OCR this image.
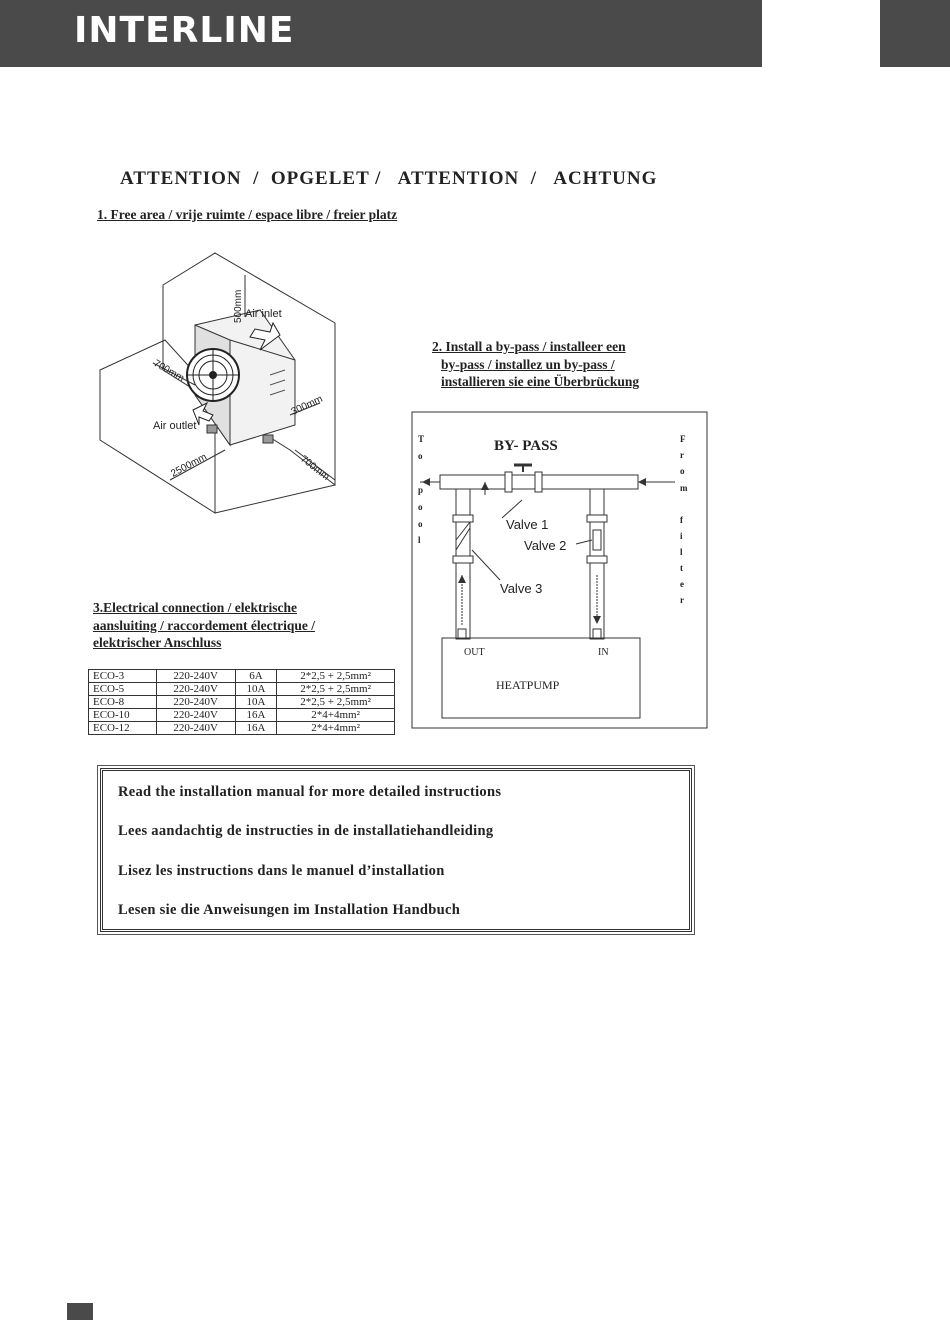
INTERLINE
ATTENTION  /  OPGELET /   ATTENTION  /   ACHTUNG
1. Free area / vrije ruimte / espace libre / freier platz
Air inlet
Air outlet
500mm
700mm
300mm
2500mm	700mm
2. Install a by-pass / installeer een
by-pass / installez un by-pass /
installieren sie eine Überbrückung
BY- PASS
T
o
p
o
o
l
F
r
o
m
f
i
l
t
e
r
Valve 1
Valve 2
Valve 3
OUT	IN
HEATPUMP
3.Electrical connection / elektrische
aansluiting / raccordement électrique /
elektrischer Anschluss
ECO-3	220-240V	6A	2*2,5 + 2,5mm²
ECO-5	220-240V	10A	2*2,5 + 2,5mm²
ECO-8	220-240V	10A	2*2,5 + 2,5mm²
ECO-10	220-240V	16A	2*4+4mm²
ECO-12	220-240V	16A	2*4+4mm²
Read the installation manual for more detailed instructions
Lees aandachtig de instructies in de installatiehandleiding
Lisez les instructions dans le manuel d’installation
Lesen sie die Anweisungen im Installation Handbuch
